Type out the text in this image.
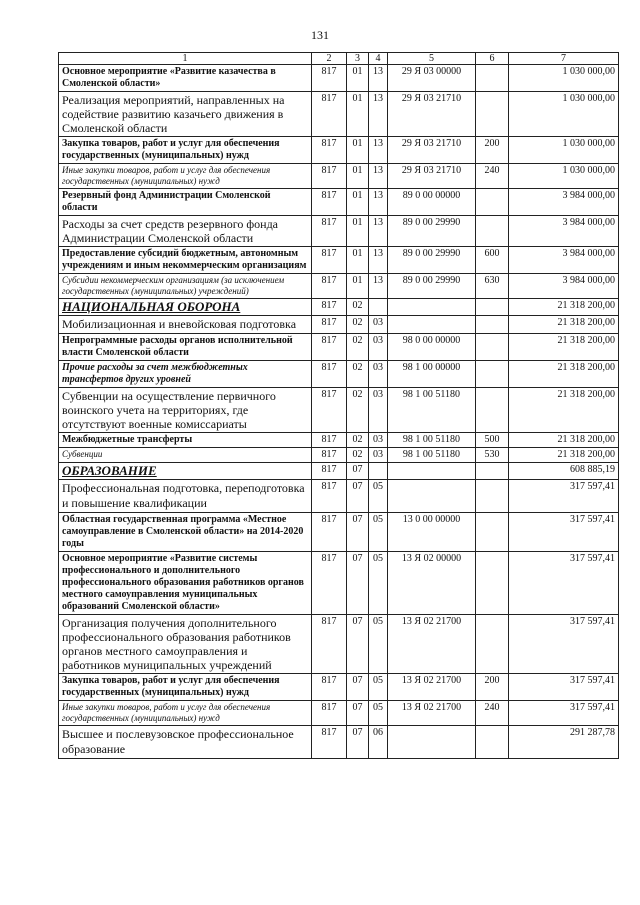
131
1	2	3	4	5	6	7
Основное мероприятие «Развитие казачества в Смоленской области»	817	01	13	29 Я 03 00000		1 030 000,00
Реализация мероприятий, направленных на содействие развитию казачьего движения в Смоленской области	817	01	13	29 Я 03 21710		1 030 000,00
Закупка товаров, работ и услуг для обеспечения государственных (муниципальных) нужд	817	01	13	29 Я 03 21710	200	1 030 000,00
Иные закупки товаров, работ и услуг для обеспечения государственных (муниципальных) нужд	817	01	13	29 Я 03 21710	240	1 030 000,00
Резервный фонд Администрации Смоленской области	817	01	13	89 0 00 00000		3 984 000,00
Расходы за счет средств резервного фонда Администрации Смоленской области	817	01	13	89 0 00 29990		3 984 000,00
Предоставление субсидий бюджетным, автономным учреждениям и иным некоммерческим организациям	817	01	13	89 0 00 29990	600	3 984 000,00
Субсидии некоммерческим организациям (за исключением государственных (муниципальных) учреждений)	817	01	13	89 0 00 29990	630	3 984 000,00
НАЦИОНАЛЬНАЯ ОБОРОНА	817	02				21 318 200,00
Мобилизационная и вневойсковая подготовка	817	02	03			21 318 200,00
Непрограммные расходы органов исполнительной власти Смоленской области	817	02	03	98 0 00 00000		21 318 200,00
Прочие расходы за счет межбюджетных трансфертов других уровней	817	02	03	98 1 00 00000		21 318 200,00
Субвенции на осуществление первичного воинского учета на территориях, где отсутствуют военные комиссариаты	817	02	03	98 1 00 51180		21 318 200,00
Межбюджетные трансферты	817	02	03	98 1 00 51180	500	21 318 200,00
Субвенции	817	02	03	98 1 00 51180	530	21 318 200,00
ОБРАЗОВАНИЕ	817	07				608 885,19
Профессиональная подготовка, переподготовка и повышение квалификации	817	07	05			317 597,41
Областная государственная программа «Местное самоуправление в Смоленской области» на 2014-2020 годы	817	07	05	13 0 00 00000		317 597,41
Основное мероприятие «Развитие системы профессионального и дополнительного профессионального образования работников органов местного самоуправления муниципальных образований Смоленской области»	817	07	05	13 Я 02 00000		317 597,41
Организация получения дополнительного профессионального образования работников органов местного самоуправления и работников муниципальных учреждений	817	07	05	13 Я 02 21700		317 597,41
Закупка товаров, работ и услуг для обеспечения государственных (муниципальных) нужд	817	07	05	13 Я 02 21700	200	317 597,41
Иные закупки товаров, работ и услуг для обеспечения государственных (муниципальных) нужд	817	07	05	13 Я 02 21700	240	317 597,41
Высшее и послевузовское профессиональное образование	817	07	06			291 287,78
